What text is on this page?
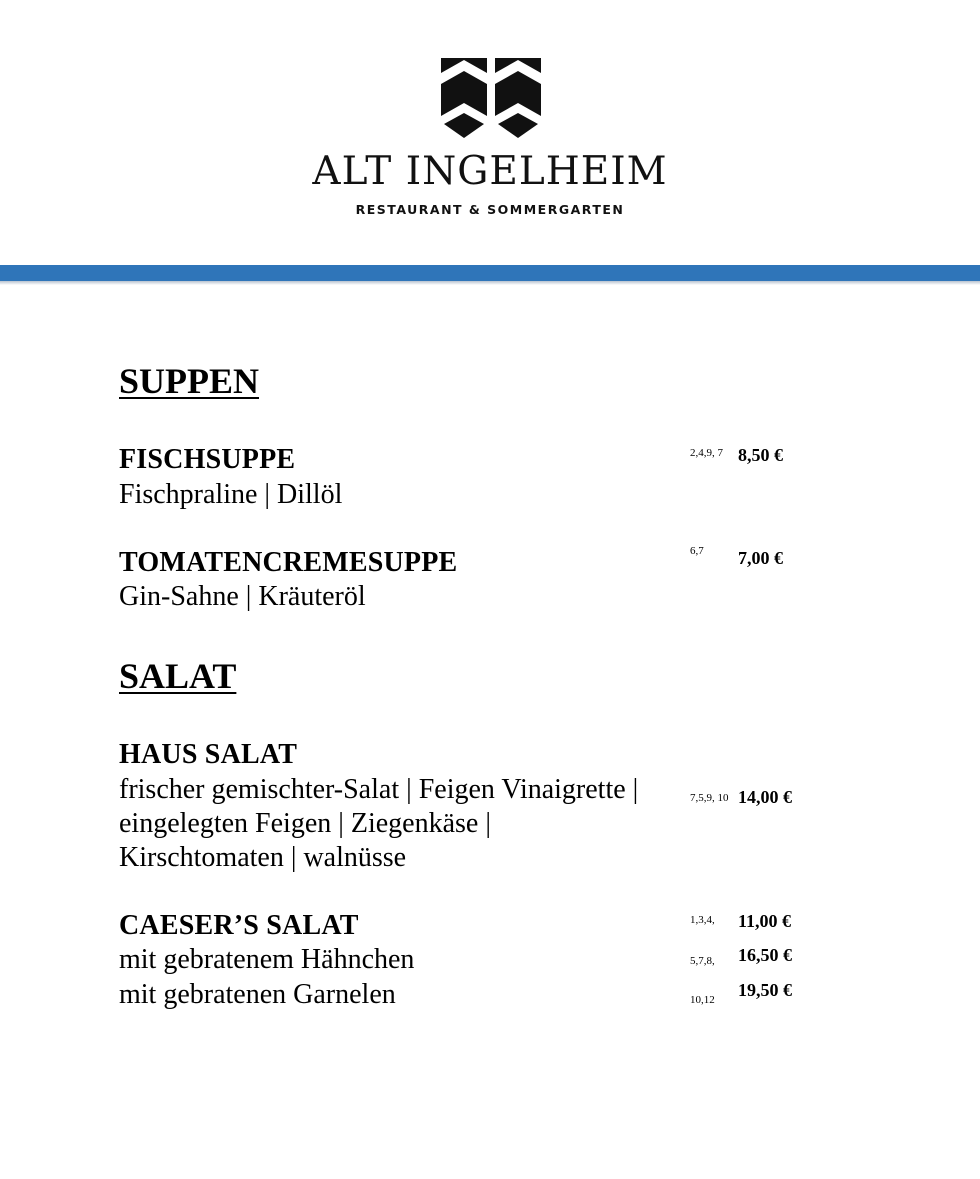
ALT INGELHEIM
RESTAURANT & SOMMERGARTEN
SUPPEN
FISCHSUPPE
Fischpraline | Dillöl
2,4,9, 7 8,50 €
TOMATENCREMESUPPE
Gin-Sahne | Kräuteröl
6,7	7,00 €
SALAT
HAUS SALAT
frischer gemischter-Salat | Feigen Vinaigrette |
eingelegten Feigen | Ziegenkäse |
Kirschtomaten | walnüsse
7,5,9, 10 14,00 €
CAESER’S SALAT
mit gebratenem Hähnchen
mit gebratenen Garnelen
1,3,4,
5,7,8,
10,12
11,00 €
16,50 €
19,50 €
